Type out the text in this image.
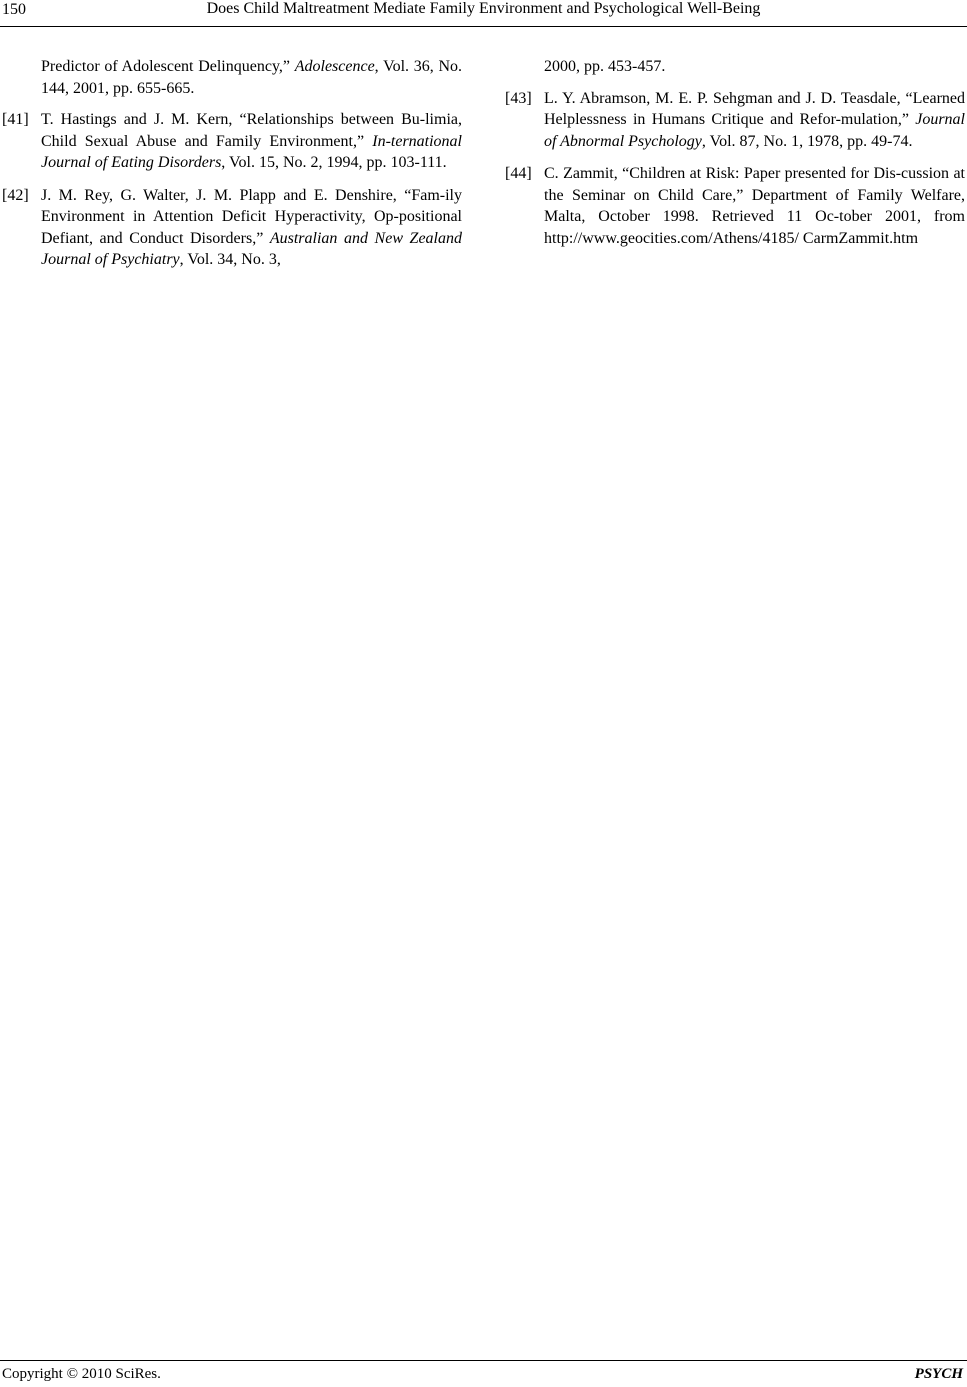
150	Does Child Maltreatment Mediate Family Environment and Psychological Well-Being
Predictor of Adolescent Delinquency,” Adolescence, Vol. 36, No. 144, 2001, pp. 655-665.
[41] T. Hastings and J. M. Kern, “Relationships between Bu-limia, Child Sexual Abuse and Family Environment,” In-ternational Journal of Eating Disorders, Vol. 15, No. 2, 1994, pp. 103-111.
[42] J. M. Rey, G. Walter, J. M. Plapp and E. Denshire, “Fam-ily Environment in Attention Deficit Hyperactivity, Op-positional Defiant, and Conduct Disorders,” Australian and New Zealand Journal of Psychiatry, Vol. 34, No. 3,
2000, pp. 453-457.
[43] L. Y. Abramson, M. E. P. Sehgman and J. D. Teasdale, “Learned Helplessness in Humans Critique and Refor-mulation,” Journal of Abnormal Psychology, Vol. 87, No. 1, 1978, pp. 49-74.
[44] C. Zammit, “Children at Risk: Paper presented for Dis-cussion at the Seminar on Child Care,” Department of Family Welfare, Malta, October 1998. Retrieved 11 Oc-tober 2001, from http://www.geocities.com/Athens/4185/ CarmZammit.htm
Copyright © 2010 SciRes.	PSYCH
